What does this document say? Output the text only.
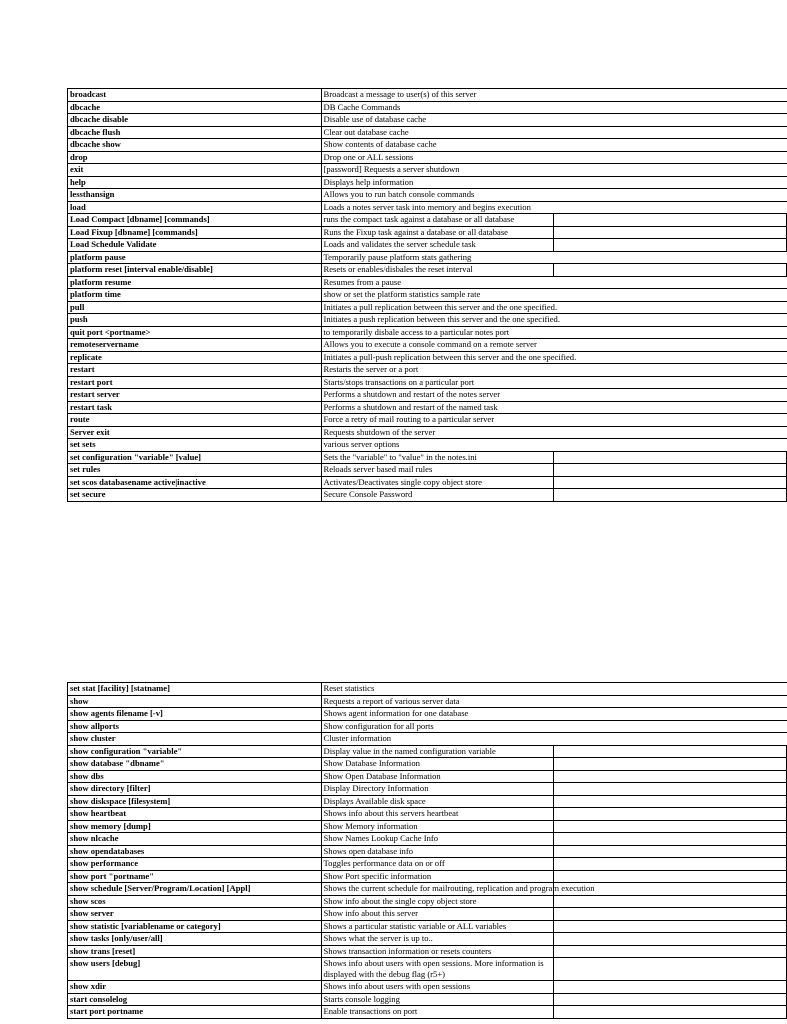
broadcast	Broadcast a message to user(s) of this server	
dbcache	DB Cache Commands	
dbcache disable	Disable use of database cache	
dbcache flush	Clear out database cache	
dbcache show	Show contents of database cache	
drop	Drop one or ALL sessions	
exit	[password] Requests a server shutdown	
help	Displays help information	
lessthansign	Allows you to run batch console commands	
load	Loads a notes server task into memory and begins execution	
Load Compact [dbname] [commands]	runs the compact task against a database or all database	
Load Fixup [dbname] [commands]	Runs the Fixup task against a database or all database	
Load Schedule Validate	Loads and validates the server schedule task	
platform pause	Temporarily pause platform stats gathering	
platform reset [interval enable/disable]	Resets or enables/disbales the reset interval	
platform resume	Resumes from a pause	
platform time	show or set the platform statistics sample rate	
pull	Initiates a pull replication between this server and the one specified.	
push	Initiates a push replication between this server and the one specified.	
quit port <portname>	to temporarily disbale access to a particular notes port	
remoteservername	Allows you to execute a console command on a remote server	
replicate	Initiates a pull-push replication between this server and the one specified.	
restart	Restarts the server or a port	
restart port	Starts/stops transactions on a particular port	
restart server	Performs a shutdown and restart of the notes server	
restart task	Performs a shutdown and restart of the named task	
route	Force a retry of mail routing to a particular server	
Server exit	Requests shutdown of the server	
set sets	various server options	
set configuration "variable" [value]	Sets the "variable" to "value" in the notes.ini	
set rules	Reloads server based mail rules	
set scos databasename active|inactive	Activates/Deactivates single copy object store	
set secure	Secure Console Password	
set stat [facility] [statname]	Reset statistics	
show	Requests a report of various server data	
show agents filename [-v]	Shows agent information for one database	
show allports	Show configuration for all ports	
show cluster	Cluster information	
show configuration "variable"	Display value in the named configuration variable	
show database "dbname"	Show Database Information	
show dbs	Show Open Database Information	
show directory [filter]	Display Directory Information	
show diskspace [filesystem]	Displays Available disk space	
show heartbeat	Shows info about this servers heartbeat	
show memory [dump]	Show Memory information	
show nlcache	Show Names Lookup Cache Info	
show opendatabases	Shows open database info	
show performance	Toggles performance data on or off	
show port "portname"	Show Port specific information	
show schedule [Server/Program/Location] [Appl]	Shows the current schedule for mailrouting, replication and program execution	
show scos	Show info about the single copy object store	
show server	Show info about this server	
show statistic [variablename or category]	Shows a particular statistic variable or ALL variables	
show tasks [only/user/all]	Shows what the server is up to..	
show trans [reset]	Shows transaction information or resets counters	
show users [debug]	Shows info about users with open sessions. More information is displayed with the debug flag (r5+)	
show xdir	Shows info about users with open sessions	
start consolelog	Starts console logging	
start port portname	Enable transactions on port	
